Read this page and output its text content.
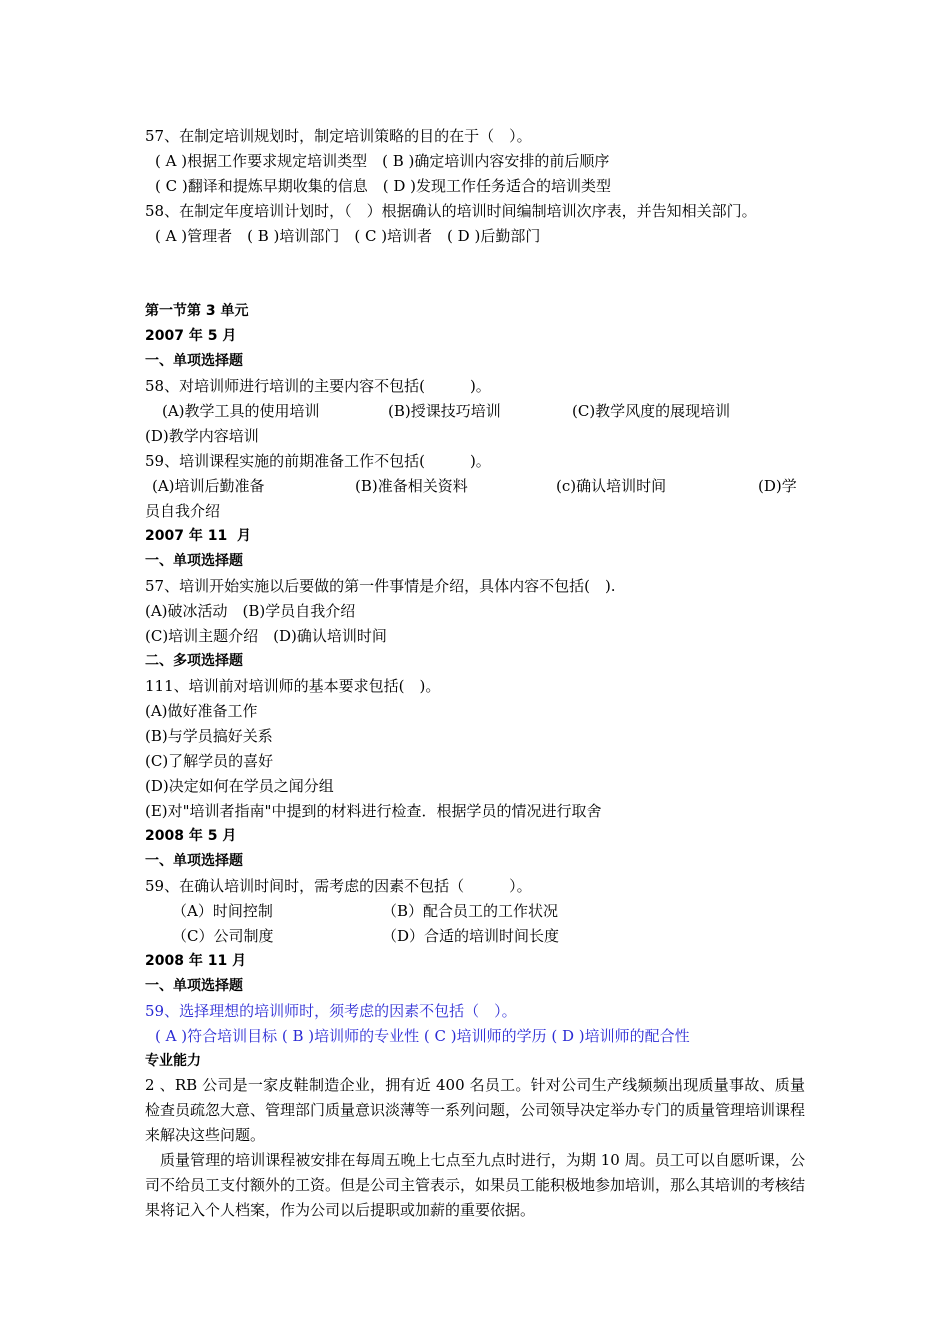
57、在制定培训规划时，制定培训策略的目的在于（　）。
( A )根据工作要求规定培训类型　( B )确定培训内容安排的前后顺序
( C )翻译和提炼早期收集的信息　( D )发现工作任务适合的培训类型
58、在制定年度培训计划时，（　）根据确认的培训时间编制培训次序表，并告知相关部门。
( A )管理者　( B )培训部门　( C )培训者　( D )后勤部门
第一节第 3 单元
2007 年 5 月
一、单项选择题
58、对培训师进行培训的主要内容不包括(　　　)。
(A)教学工具的使用培训	(B)授课技巧培训	(C)教学风度的展现培训
(D)教学内容培训
59、培训课程实施的前期准备工作不包括(　　　)。
(A)培训后勤准备	(B)准备相关资料	(c)确认培训时间	(D)学
员自我介绍
2007 年 11  月
一、单项选择题
57、培训开始实施以后要做的第一件事情是介绍，具体内容不包括(　).
(A)破冰活动　(B)学员自我介绍
(C)培训主题介绍　(D)确认培训时间
二、多项选择题
111、培训前对培训师的基本要求包括(　)。
(A)做好准备工作
(B)与学员搞好关系
(C)了解学员的喜好
(D)决定如何在学员之闻分组
(E)对"培训者指南"中提到的材料进行检查．根据学员的情况进行取舍
2008 年 5 月
一、单项选择题
59、在确认培训时间时，需考虑的因素不包括（　　　）。
（A）时间控制	（B）配合员工的工作状况
（C）公司制度	（D）合适的培训时间长度
2008 年 11 月
一、单项选择题
59、选择理想的培训师时，须考虑的因素不包括（　）。
( A )符合培训目标 ( B )培训师的专业性 ( C )培训师的学历 ( D )培训师的配合性
专业能力

2 、RB 公司是一家皮鞋制造企业，拥有近 400 名员工。针对公司生产线频频出现质量事故、质量检查员疏忽大意、管理部门质量意识淡薄等一系列问题，公司领导决定举办专门的质量管理培训课程来解决这些问题。

质量管理的培训课程被安排在每周五晚上七点至九点时进行，为期 10 周。员工可以自愿听课，公司不给员工支付额外的工资。但是公司主管表示，如果员工能积极地参加培训，那么其培训的考核结果将记入个人档案，作为公司以后提职或加薪的重要依据。
